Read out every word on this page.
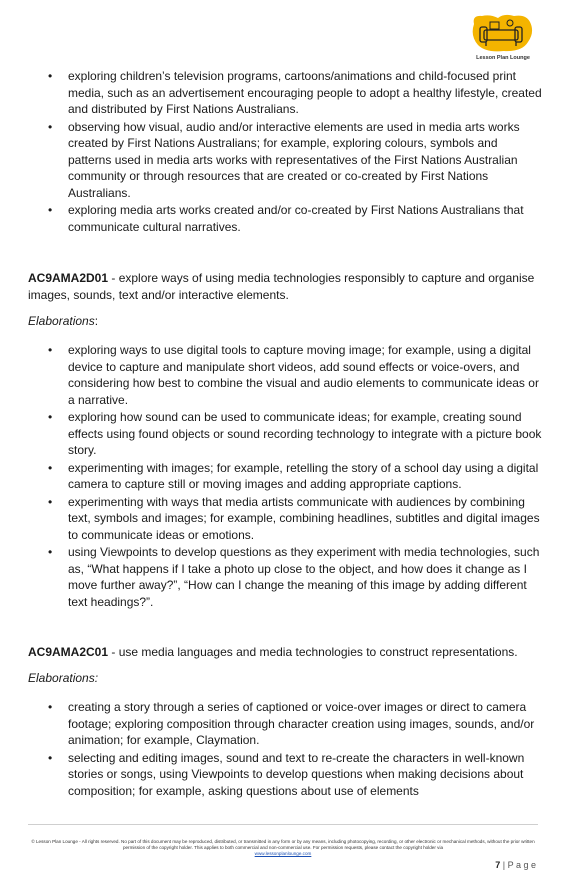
Lesson Plan Lounge
• exploring children’s television programs, cartoons/animations and child-focused print media, such as an advertisement encouraging people to adopt a healthy lifestyle, created and distributed by First Nations Australians.
• observing how visual, audio and/or interactive elements are used in media arts works created by First Nations Australians; for example, exploring colours, symbols and patterns used in media arts works with representatives of the First Nations Australian community or through resources that are created or co-created by First Nations Australians.
• exploring media arts works created and/or co-created by First Nations Australians that communicate cultural narratives.

AC9AMA2D01 - explore ways of using media technologies responsibly to capture and organise images, sounds, text and/or interactive elements.

Elaborations:

• exploring ways to use digital tools to capture moving image; for example, using a digital device to capture and manipulate short videos, add sound effects or voice-overs, and considering how best to combine the visual and audio elements to communicate ideas or a narrative.
• exploring how sound can be used to communicate ideas; for example, creating sound effects using found objects or sound recording technology to integrate with a picture book story.
• experimenting with images; for example, retelling the story of a school day using a digital camera to capture still or moving images and adding appropriate captions.
• experimenting with ways that media artists communicate with audiences by combining text, symbols and images; for example, combining headlines, subtitles and digital images to communicate ideas or emotions.
• using Viewpoints to develop questions as they experiment with media technologies, such as, “What happens if I take a photo up close to the object, and how does it change as I move further away?”, “How can I change the meaning of this image by adding different text headings?”.

AC9AMA2C01 - use media languages and media technologies to construct representations.

Elaborations:

• creating a story through a series of captioned or voice-over images or direct to camera footage; exploring composition through character creation using images, sounds, and/or animation; for example, Claymation.
• selecting and editing images, sound and text to re-create the characters in well-known stories or songs, using Viewpoints to develop questions when making decisions about composition; for example, asking questions about use of elements

© Lesson Plan Lounge - All rights reserved. No part of this document may be reproduced, distributed, or transmitted in any form or by any means, including photocopying, recording, or other electronic or mechanical methods, without the prior written permission of the copyright holder. This applies to both commercial and non-commercial use. For permission requests, please contact the copyright holder via

www.lessonplanlounge.com

7 | P a g e
